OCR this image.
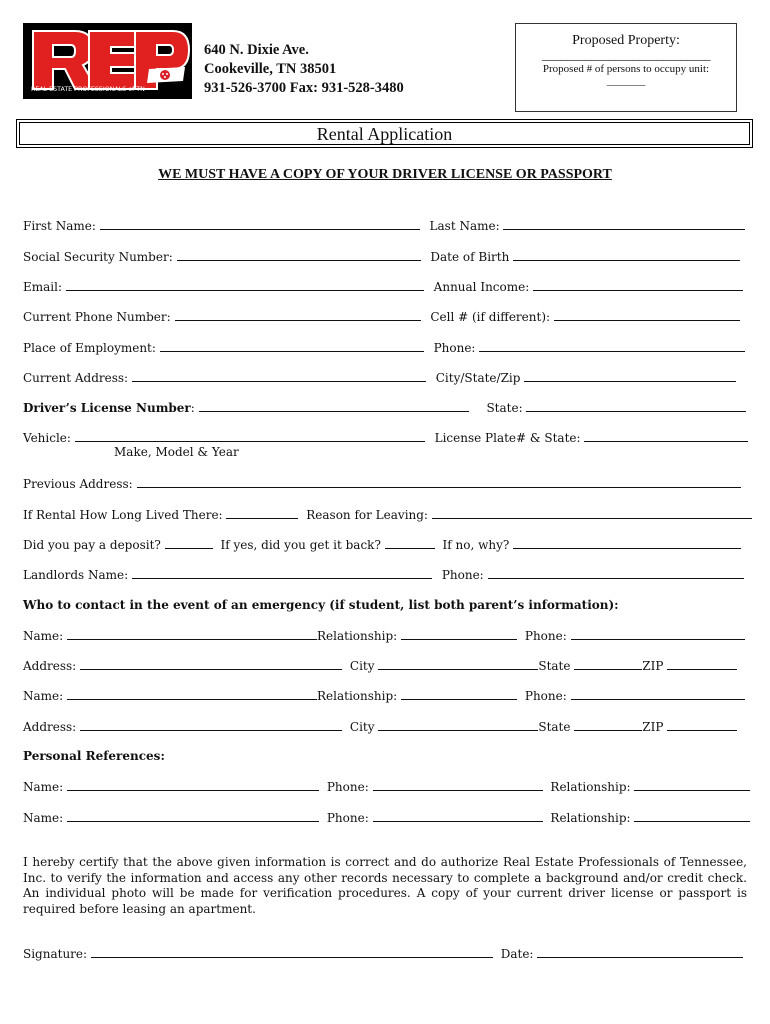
REAL ESTATE PROFESSIONALS of TN
640 N. Dixie Ave.
Cookeville, TN 38501
931-526-3700 Fax: 931-528-3480
Proposed Property:
____________________________
Proposed # of persons to occupy unit:
_______
Rental Application
WE MUST HAVE A COPY OF YOUR DRIVER LICENSE OR PASSPORT
First Name:	Last Name:
Social Security Number:	Date of Birth
Email:	Annual Income:
Current Phone Number:	Cell # (if different):
Place of Employment:	Phone:
Current Address:	City/State/Zip
Driver’s License Number:	State:
Vehicle:	License Plate# & State:
Make, Model & Year
Previous Address:
If Rental How Long Lived There:	Reason for Leaving:
Did you pay a deposit?	If yes, did you get it back?	If no, why?
Landlords Name:	Phone:
Who to contact in the event of an emergency (if student, list both parent’s information):
Name:	Relationship:	Phone:
Address:	City	State	ZIP
Name:	Relationship:	Phone:
Address:	City	State	ZIP
Personal References:
Name:	Phone:	Relationship:
Name:	Phone:	Relationship:
I hereby certify that the above given information is correct and do authorize Real Estate Professionals of Tennessee, Inc. to verify the information and access any other records necessary to complete a background and/or credit check. An individual photo will be made for verification procedures. A copy of your current driver license or passport is required before leasing an apartment.
Signature:	Date:
